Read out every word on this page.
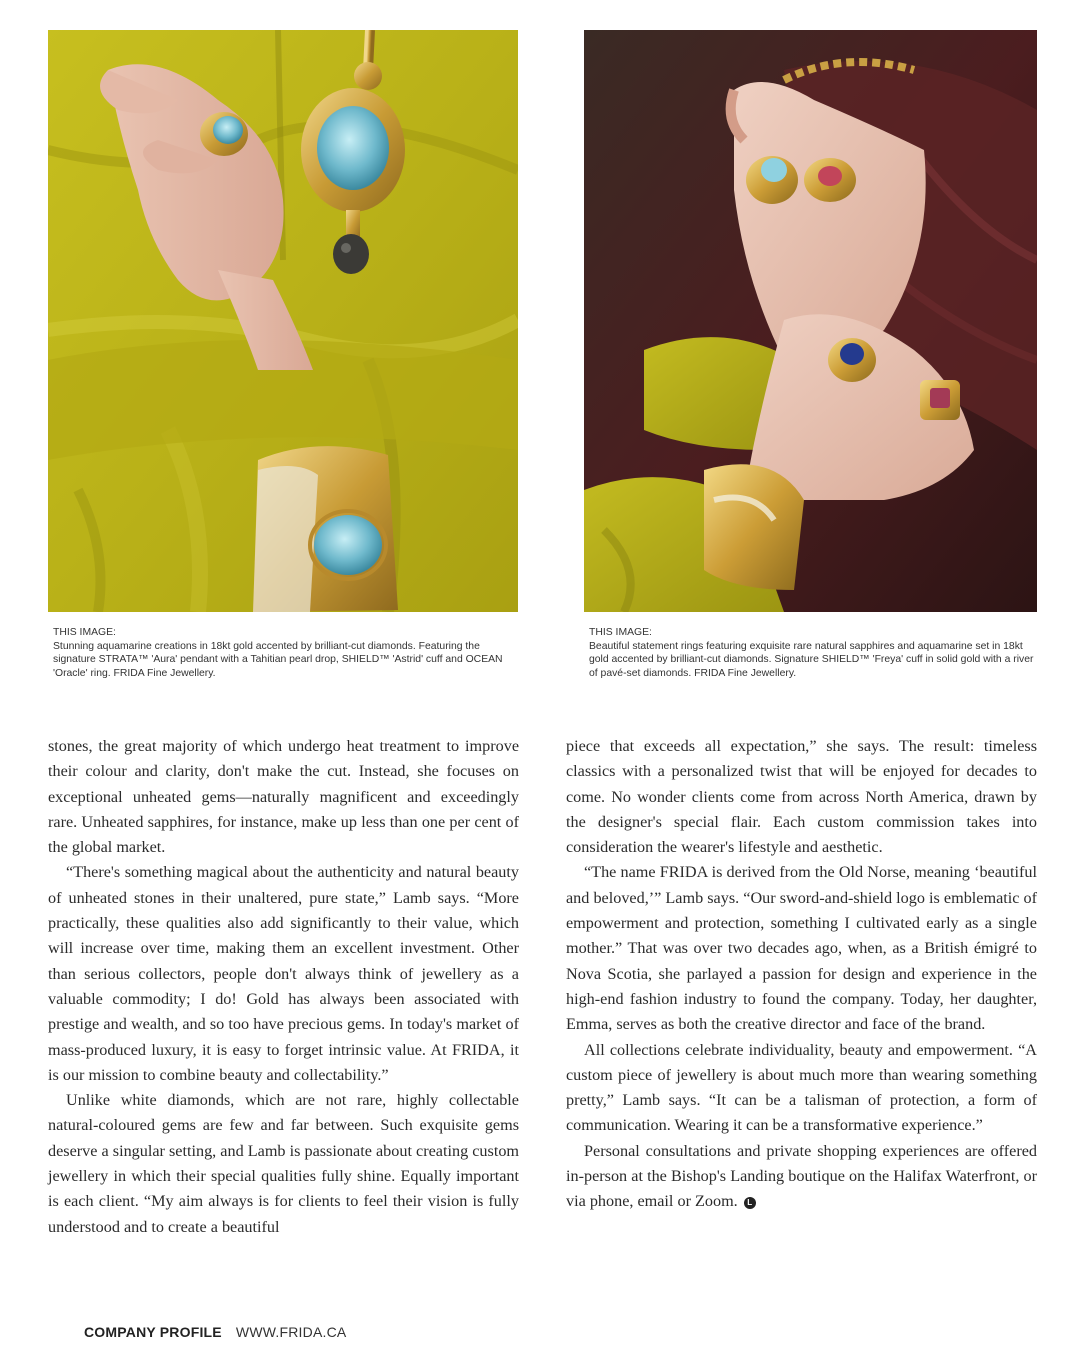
THIS IMAGE:
Stunning aquamarine creations in 18kt gold accented by brilliant-cut diamonds. Featuring the signature STRATA™ 'Aura' pendant with a Tahitian pearl drop, SHIELD™ 'Astrid' cuff and OCEAN 'Oracle' ring. FRIDA Fine Jewellery.
THIS IMAGE:
Beautiful statement rings featuring exquisite rare natural sapphires and aquamarine set in 18kt gold accented by brilliant-cut diamonds. Signature SHIELD™ 'Freya' cuff in solid gold with a river of pavé-set diamonds. FRIDA Fine Jewellery.

stones, the great majority of which undergo heat treatment to improve their colour and clarity, don't make the cut. Instead, she focuses on exceptional unheated gems—naturally magnificent and exceedingly rare. Unheated sapphires, for instance, make up less than one per cent of the global market.

“There's something magical about the authenticity and natural beauty of unheated stones in their unaltered, pure state,” Lamb says. “More practically, these qualities also add significantly to their value, which will increase over time, making them an excellent investment. Other than serious collectors, people don't always think of jewellery as a valuable commodity; I do! Gold has always been associated with prestige and wealth, and so too have precious gems. In today's market of mass-produced luxury, it is easy to forget intrinsic value. At FRIDA, it is our mission to combine beauty and collectability.”

Unlike white diamonds, which are not rare, highly collectable natural-coloured gems are few and far between. Such exquisite gems deserve a singular setting, and Lamb is passionate about creating custom jewellery in which their special qualities fully shine. Equally important is each client. “My aim always is for clients to feel their vision is fully understood and to create a beautiful

piece that exceeds all expectation,” she says. The result: timeless classics with a personalized twist that will be enjoyed for decades to come. No wonder clients come from across North America, drawn by the designer's special flair. Each custom commission takes into consideration the wearer's lifestyle and aesthetic.

“The name FRIDA is derived from the Old Norse, meaning ‘beautiful and beloved,’” Lamb says. “Our sword-and-shield logo is emblematic of empowerment and protection, something I cultivated early as a single mother.” That was over two decades ago, when, as a British émigré to Nova Scotia, she parlayed a passion for design and experience in the high-end fashion industry to found the company. Today, her daughter, Emma, serves as both the creative director and face of the brand.

All collections celebrate individuality, beauty and empowerment. “A custom piece of jewellery is about much more than wearing something pretty,” Lamb says. “It can be a talisman of protection, a form of communication. Wearing it can be a transformative experience.”

Personal consultations and private shopping experiences are offered in-person at the Bishop's Landing boutique on the Halifax Waterfront, or via phone, email or Zoom. L

COMPANY PROFILE WWW.FRIDA.CA
